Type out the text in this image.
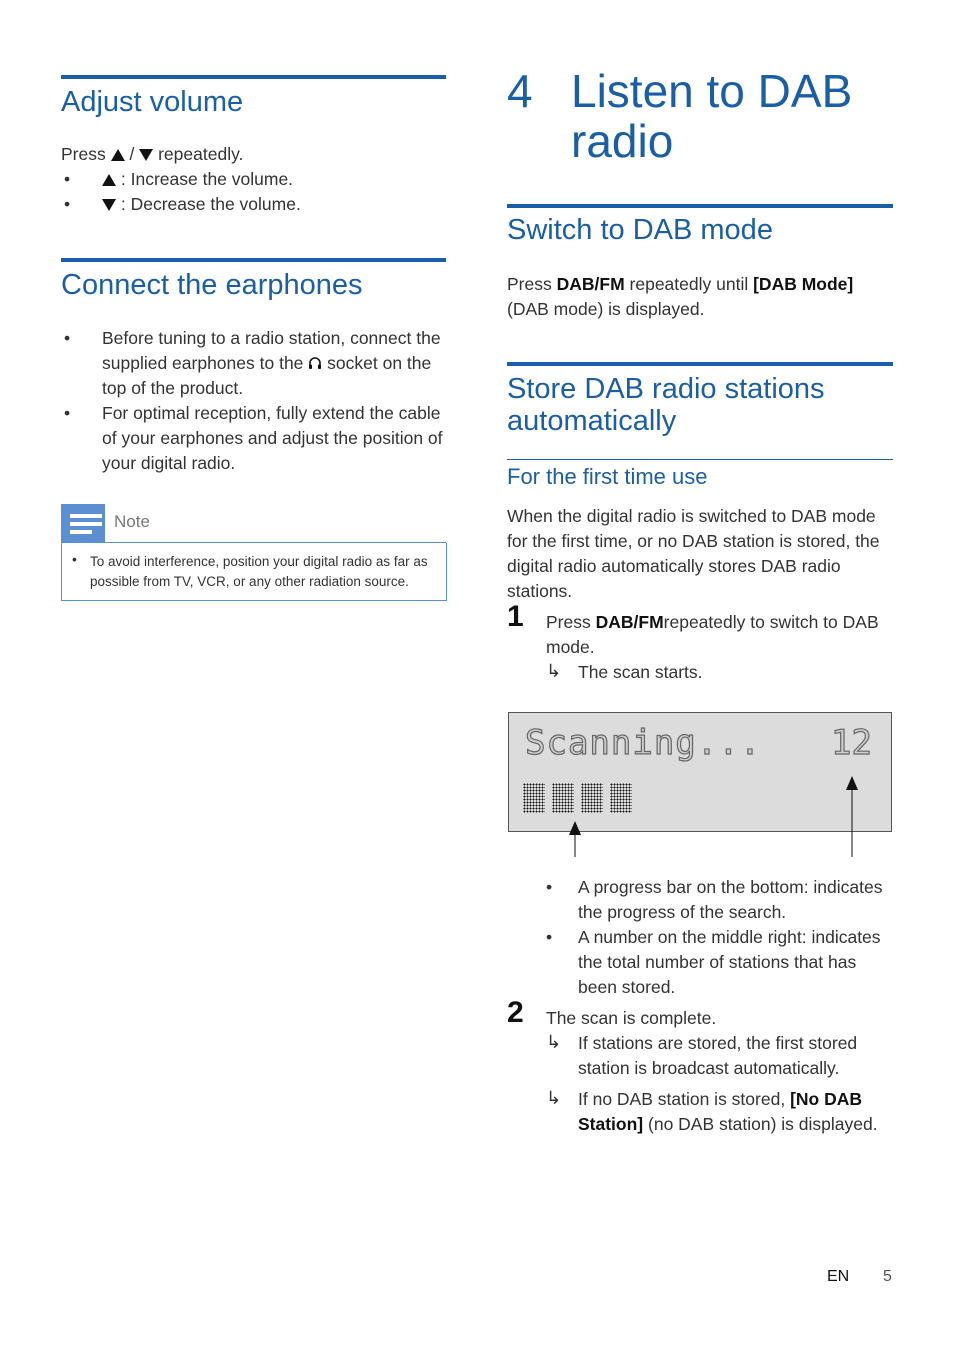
Adjust volume
Press / repeatedly.
•	: Increase the volume.
•	: Decrease the volume.
Connect the earphones
• Before tuning to a radio station, connect the supplied earphones to the socket on the top of the product.
• For optimal reception, fully extend the cable of your earphones and adjust the position of your digital radio.
Note
• To avoid interference, position your digital radio as far as possible from TV, VCR, or any other radiation source.
4 Listen to DAB
radio
Switch to DAB mode
Press DAB/FM repeatedly until [DAB Mode] (DAB mode) is displayed.
Store DAB radio stations
automatically
For the first time use
When the digital radio is switched to DAB mode for the first time, or no DAB station is stored, the digital radio automatically stores DAB radio stations.
1 Press DAB/FMrepeatedly to switch to DAB mode.
↳ The scan starts.
Scanning... 12
• A progress bar on the bottom: indicates the progress of the search.
• A number on the middle right: indicates the total number of stations that has been stored.
2 The scan is complete.
↳ If stations are stored, the first stored station is broadcast automatically.
↳ If no DAB station is stored, [No DAB Station] (no DAB station) is displayed.
EN 5
